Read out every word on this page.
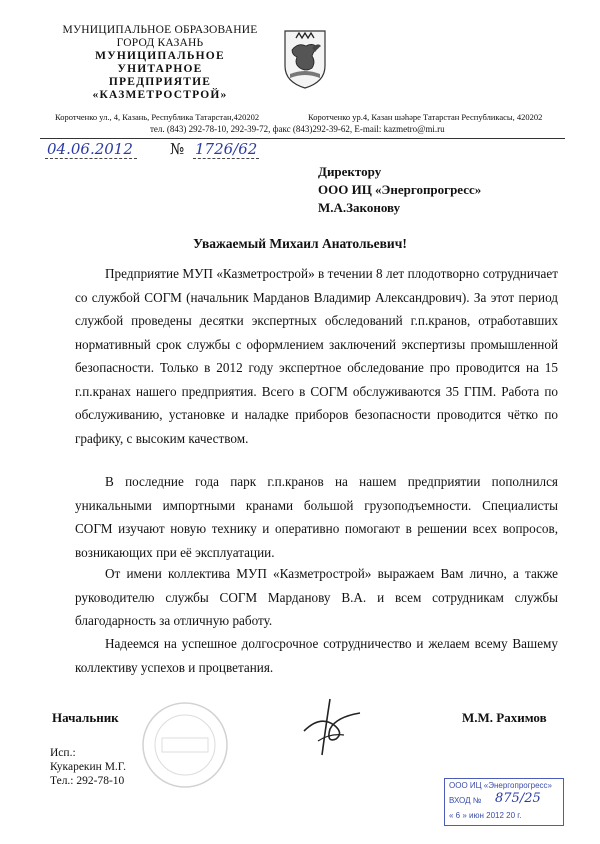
МУНИЦИПАЛЬНОЕ ОБРАЗОВАНИЕ
ГОРОД КАЗАНЬ
МУНИЦИПАЛЬНОЕ
УНИТАРНОЕ
ПРЕДПРИЯТИЕ
«КАЗМЕТРОСТРОЙ»
Коротченко ул., 4, Казань, Республика Татарстан,420202	Коротченко ур.4, Казан шәһәре Татарстан Республикасы, 420202
тел. (843) 292-78-10, 292-39-72, факс (843)292-39-62, E-mail: kazmetro@mi.ru
04.06.2012 № 1726/62
Директору
ООО ИЦ «Энергопрогресс»
М.А.Законову
Уважаемый Михаил Анатольевич!
Предприятие МУП «Казметрострой» в течении 8 лет плодотворно сотрудничает со службой СОГМ (начальник Марданов Владимир Александрович). За этот период службой проведены десятки экспертных обследований г.п.кранов, отработавших нормативный срок службы с оформлением заключений экспертизы промышленной безопасности. Только в 2012 году экспертное обследование про проводится на 15 г.п.кранах нашего предприятия. Всего в СОГМ обслуживаются 35 ГПМ. Работа по обслуживанию, установке и наладке приборов безопасности проводится чётко по графику, с высоким качеством.
В последние года парк г.п.кранов на нашем предприятии пополнился уникальными импортными кранами большой грузоподъемности. Специалисты СОГМ изучают новую технику и оперативно помогают в решении всех вопросов, возникающих при её эксплуатации.
От имени коллектива МУП «Казметрострой» выражаем Вам лично, а также руководителю службы СОГМ Марданову В.А. и всем сотрудникам службы благодарность за отличную работу.
Надеемся на успешное долгосрочное сотрудничество и желаем всему Вашему коллективу успехов и процветания.
Начальник	М.М. Рахимов
Исп.:
Кукарекин М.Г.
Тел.: 292-78-10	ООО ИЦ «Энергопрогресс»
ВХОД № 875/25
« 6 » июн 2012 20 г.
